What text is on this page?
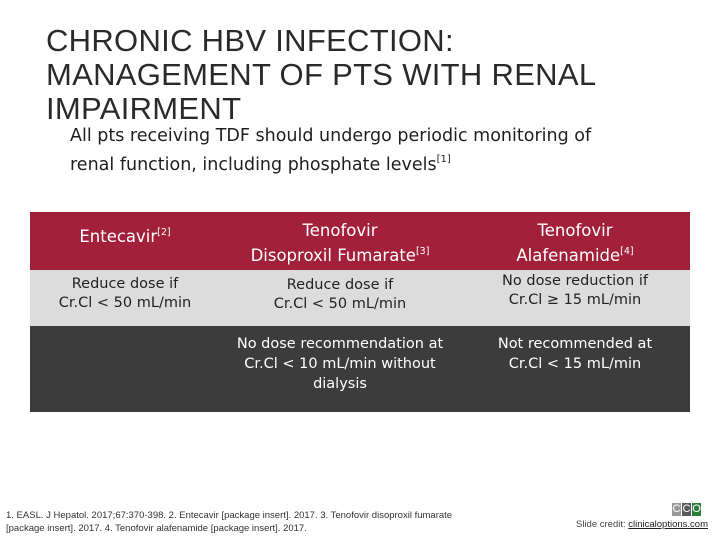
CHRONIC HBV INFECTION:
MANAGEMENT OF PTS WITH RENAL
IMPAIRMENT
All pts receiving TDF should undergo periodic monitoring of
renal function, including phosphate levels[1]
Entecavir[2]	Tenofovir
Disoproxil Fumarate[3]
Tenofovir
Alafenamide[4]
Reduce dose if
Cr.Cl < 50 mL/min
Reduce dose if
Cr.Cl < 50 mL/min
No dose reduction if
Cr.Cl ≥ 15 mL/min
No dose recommendation at
Cr.Cl < 10 mL/min without
dialysis
Not recommended at
Cr.Cl < 15 mL/min
1. EASL. J Hepatol. 2017;67:370-398. 2. Entecavir [package insert]. 2017. 3. Tenofovir disoproxil fumarate
[package insert]. 2017. 4. Tenofovir alafenamide [package insert]. 2017.
C C O
Slide credit: clinicaloptions.com
